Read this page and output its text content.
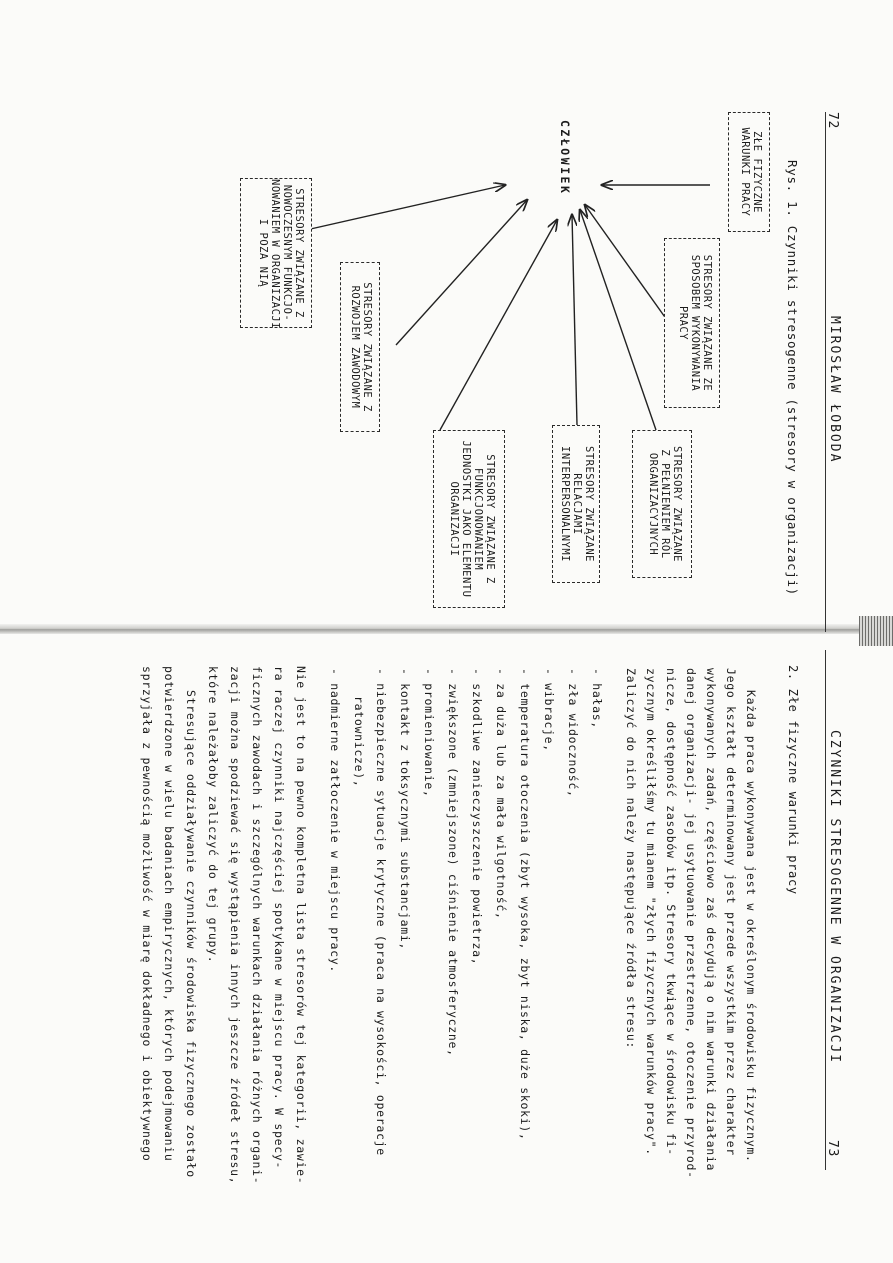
72
MIROSŁAW ŁOBODA
Rys. 1. Czynniki stresogenne (stresory w organizacji)
CZŁOWIEK	ZŁE FIZYCZNE
WARUNKI PRACY
STRESORY ZWIĄZANE ZE
SPOSOBEM WYKONYWANIA
PRACY
STRESORY ZWIĄZANE
Z PEŁNIENIEM RÓL
ORGANIZACYJNYCH
STRESORY ZWIĄZANE
RELACJAMI
INTERPERSONALNYMI
STRESORY ZWIĄZANE Z
FUNKCJONOWANIEM
JEDNOSTKI JAKO ELEMENTU
ORGANIZACJI
STRESORY ZWIĄZANE Z
ROZWOJEM ZAWODOWYM
STRESORY ZWIĄZANE Z
NOWOCZESNYM FUNKCJO-
NOWANIEM W ORGANIZACJI
I POZA NIĄ
CZYNNIKI STRESOGENNE W ORGANIZACJI
73
2. Złe fizyczne warunki pracy
Każda praca wykonywana jest w określonym środowisku fizycznym.
Jego kształt determinowany jest przede wszystkim przez charakter
wykonywanych zadań, częściowo zaś decydują o nim warunki działania
danej organizacji- jej usytuowanie przestrzenne, otoczenie przyrod-
nicze, dostępność zasobów itp. Stresory tkwiące w środowisku fi-
zycznym określiłśmy tu mianem "złych fizycznych warunków pracy".
Zaliczyć do nich należy następujące źródła stresu:
- hałas,
- zła widoczność,
- wibracje,
- temperatura otoczenia (zbyt wysoka, zbyt niska, duże skoki),
- za duża lub za mała wilgotność,
- szkodliwe zanieczyszczenie powietrza,
- zwiększone (zmniejszone) ciśnienie atmosferyczne,
- promieniowanie,
- kontakt z toksycznymi substancjami,
- niebezpieczne sytuacje krytyczne (praca na wysokości, operacje
ratownicze),
- nadmierne zatłoczenie w miejscu pracy.
Nie jest to na pewno kompletna lista stresorów tej kategorii, zawie-
ra raczej czynniki najczęściej spotykane w miejscu pracy. W specy-
ficznych zawodach i szczególnych warunkach działania różnych organi-
zacji można spodziewać się wystąpienia innych jeszcze źródeł stresu,
które należałoby zaliczyć do tej grupy.
Stresujące oddziaływanie czynników środowiska fizycznego zostało
potwierdzone w wielu badaniach empirycznych, których podejmowaniu
sprzyjała z pewnością możliwość w miarę dokładnego i obiektywnego
